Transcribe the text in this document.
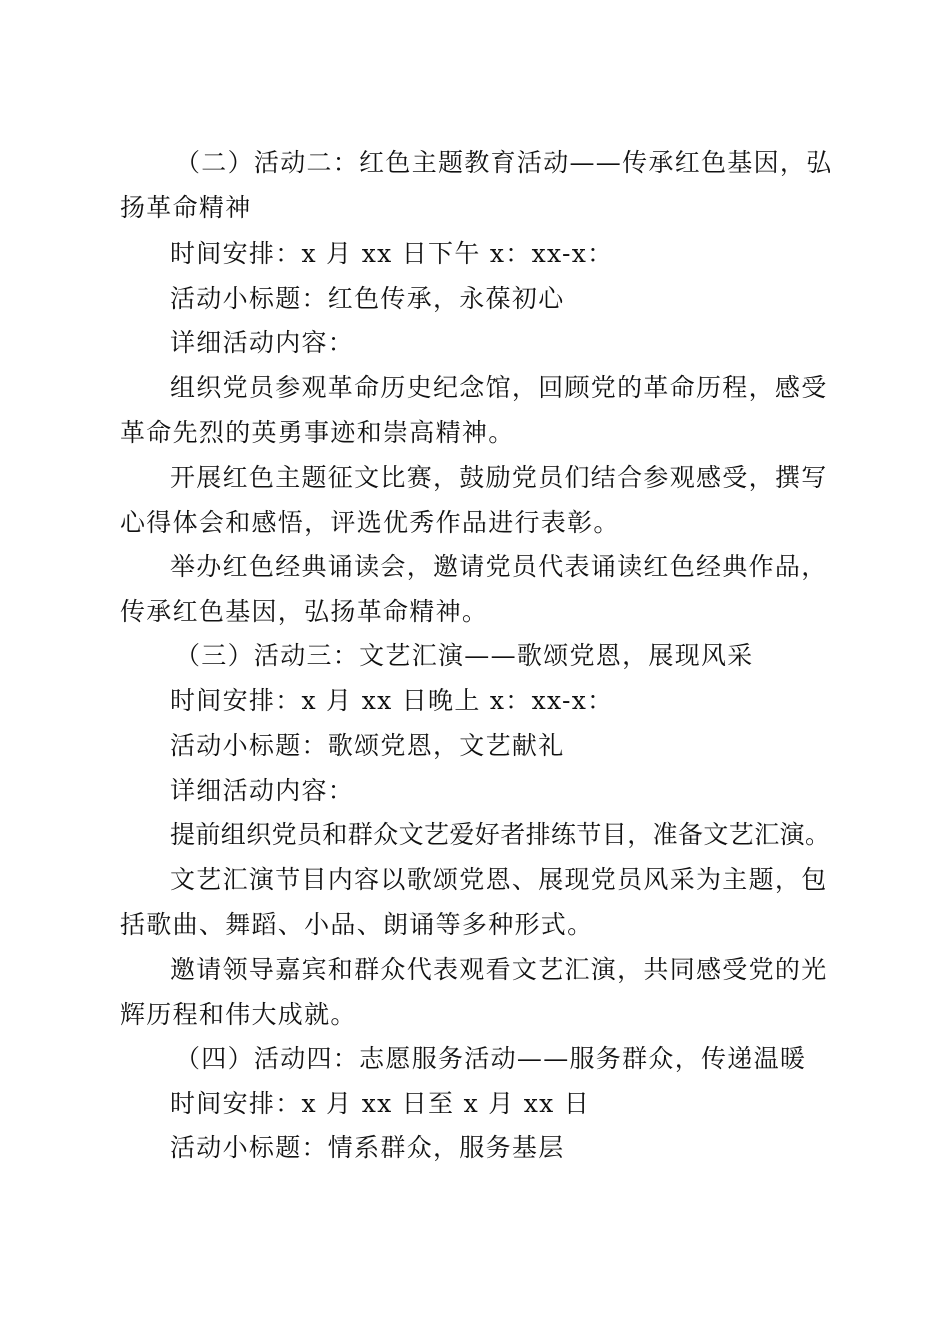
（二）活动二：红色主题教育活动——传承红色基因，弘
扬革命精神
时间安排：x 月 xx 日下午 x：xx-x：
活动小标题：红色传承，永葆初心
详细活动内容：
组织党员参观革命历史纪念馆，回顾党的革命历程，感受
革命先烈的英勇事迹和崇高精神。
开展红色主题征文比赛，鼓励党员们结合参观感受，撰写
心得体会和感悟，评选优秀作品进行表彰。
举办红色经典诵读会，邀请党员代表诵读红色经典作品，
传承红色基因，弘扬革命精神。
（三）活动三：文艺汇演——歌颂党恩，展现风采
时间安排：x 月 xx 日晚上 x：xx-x：
活动小标题：歌颂党恩，文艺献礼
详细活动内容：
提前组织党员和群众文艺爱好者排练节目，准备文艺汇演。
文艺汇演节目内容以歌颂党恩、展现党员风采为主题，包
括歌曲、舞蹈、小品、朗诵等多种形式。
邀请领导嘉宾和群众代表观看文艺汇演，共同感受党的光
辉历程和伟大成就。
（四）活动四：志愿服务活动——服务群众，传递温暖
时间安排：x 月 xx 日至 x 月 xx 日
活动小标题：情系群众，服务基层
